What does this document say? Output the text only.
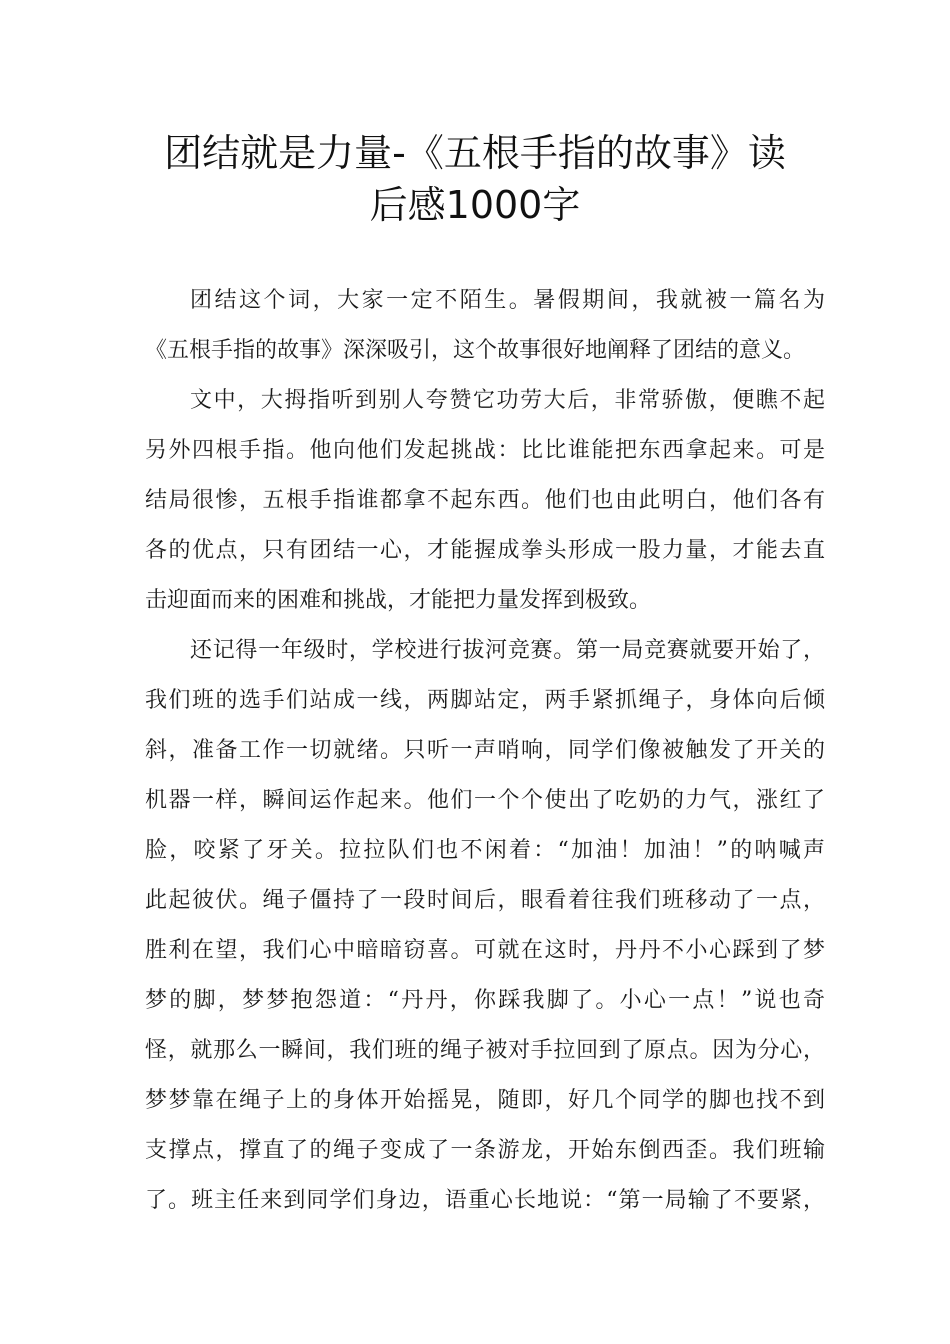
团结就是力量-《五根手指的故事》读
后感1000字
团结这个词，大家一定不陌生。暑假期间，我就被一篇名为
《五根手指的故事》深深吸引，这个故事很好地阐释了团结的意义。
文中，大拇指听到别人夸赞它功劳大后，非常骄傲，便瞧不起
另外四根手指。他向他们发起挑战：比比谁能把东西拿起来。可是
结局很惨，五根手指谁都拿不起东西。他们也由此明白，他们各有
各的优点，只有团结一心，才能握成拳头形成一股力量，才能去直
击迎面而来的困难和挑战，才能把力量发挥到极致。
还记得一年级时，学校进行拔河竞赛。第一局竞赛就要开始了，
我们班的选手们站成一线，两脚站定，两手紧抓绳子，身体向后倾
斜，准备工作一切就绪。只听一声哨响，同学们像被触发了开关的
机器一样，瞬间运作起来。他们一个个使出了吃奶的力气，涨红了
脸，咬紧了牙关。拉拉队们也不闲着：“加油！加油！”的呐喊声
此起彼伏。绳子僵持了一段时间后，眼看着往我们班移动了一点，
胜利在望，我们心中暗暗窃喜。可就在这时，丹丹不小心踩到了梦
梦的脚，梦梦抱怨道：“丹丹，你踩我脚了。小心一点！”说也奇
怪，就那么一瞬间，我们班的绳子被对手拉回到了原点。因为分心，
梦梦靠在绳子上的身体开始摇晃，随即，好几个同学的脚也找不到
支撑点，撑直了的绳子变成了一条游龙，开始东倒西歪。我们班输
了。班主任来到同学们身边，语重心长地说：“第一局输了不要紧，
